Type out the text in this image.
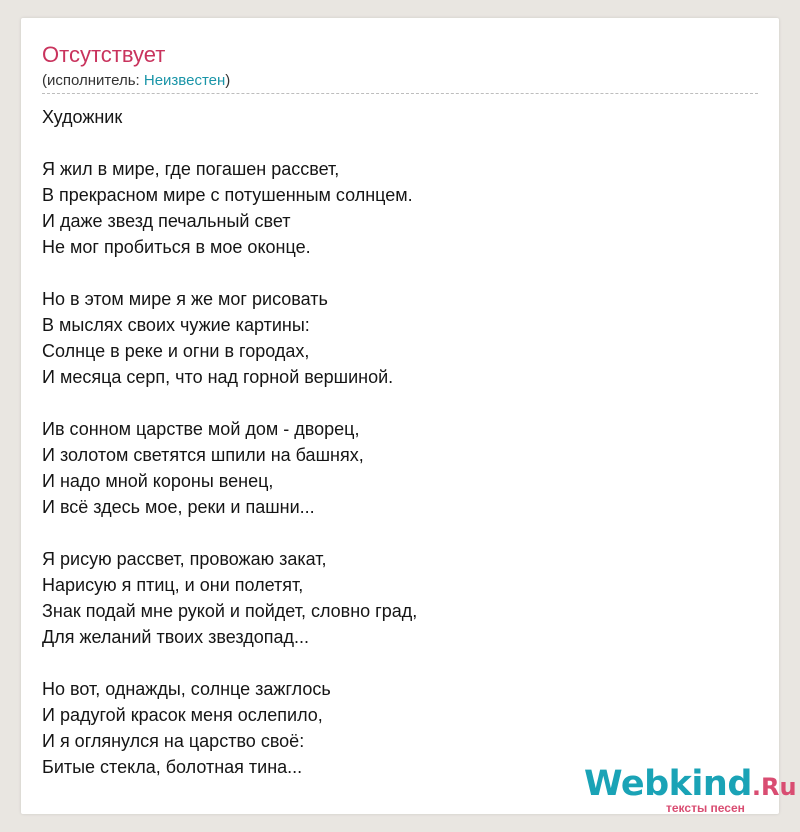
Отсутствует
(исполнитель: Неизвестен)
Художник
Я жил в мире, где погашен рассвет,
В прекрасном мире с потушенным солнцем.
И даже звезд печальный свет
Не мог пробиться в мое оконце.
Но в этом мире я же мог рисовать
В мыслях своих чужие картины:
Солнце в реке и огни в городах,
И месяца серп, что над горной вершиной.
Ив сонном царстве мой дом - дворец,
И золотом светятся шпили на башнях,
И надо мной короны венец,
И всё здесь мое, реки и пашни...
Я рисую рассвет, провожаю закат,
Нарисую я птиц, и они полетят,
Знак подай мне рукой и пойдет, словно град,
Для желаний твоих звездопад...
Но вот, однажды, солнце зажглось
И радугой красок меня ослепило,
И я оглянулся на царство своё:
Битые стекла, болотная тина...	Webkind.Ru
тексты песен
